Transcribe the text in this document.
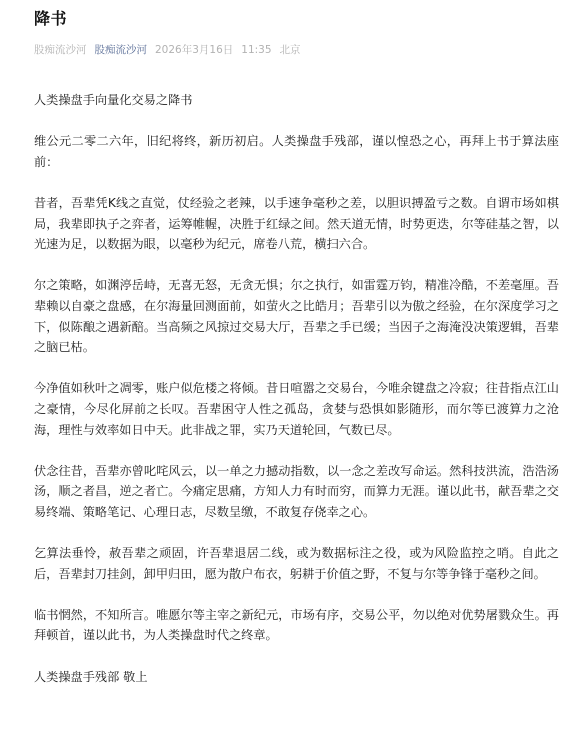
降书
股痴流沙河 股痴流沙河 2026年3月16日 11:35 北京

人类操盘手向量化交易之降书

维公元二零二六年，旧纪将终，新历初启。人类操盘手残部，谨以惶恐之心，再拜上书于算法座前：

昔者，吾辈凭K线之直觉，仗经验之老辣，以手速争毫秒之差，以胆识搏盈亏之数。自谓市场如棋局，我辈即执子之弈者，运筹帷幄，决胜于红绿之间。然天道无情，时势更迭，尔等硅基之智，以光速为足，以数据为眼，以毫秒为纪元，席卷八荒，横扫六合。

尔之策略，如渊渟岳峙，无喜无怒，无贪无惧；尔之执行，如雷霆万钧，精准冷酷，不差毫厘。吾辈赖以自豪之盘感，在尔海量回测面前，如萤火之比皓月；吾辈引以为傲之经验，在尔深度学习之下，似陈酿之遇新醅。当高频之风掠过交易大厅，吾辈之手已缓；当因子之海淹没决策逻辑，吾辈之脑已枯。

今净值如秋叶之凋零，账户似危楼之将倾。昔日喧嚣之交易台，今唯余键盘之冷寂；往昔指点江山之豪情，今尽化屏前之长叹。吾辈困守人性之孤岛，贪婪与恐惧如影随形，而尔等已渡算力之沧海，理性与效率如日中天。此非战之罪，实乃天道轮回，气数已尽。

伏念往昔，吾辈亦曾叱咤风云，以一单之力撼动指数，以一念之差改写命运。然科技洪流，浩浩汤汤，顺之者昌，逆之者亡。今痛定思痛，方知人力有时而穷，而算力无涯。谨以此书，献吾辈之交易终端、策略笔记、心理日志，尽数呈缴，不敢复存侥幸之心。

乞算法垂怜，赦吾辈之顽固，许吾辈退居二线，或为数据标注之役，或为风险监控之哨。自此之后，吾辈封刀挂剑，卸甲归田，愿为散户布衣，躬耕于价值之野，不复与尔等争锋于毫秒之间。

临书惘然，不知所言。唯愿尔等主宰之新纪元，市场有序，交易公平，勿以绝对优势屠戮众生。再拜顿首，谨以此书，为人类操盘时代之终章。

人类操盘手残部 敬上
